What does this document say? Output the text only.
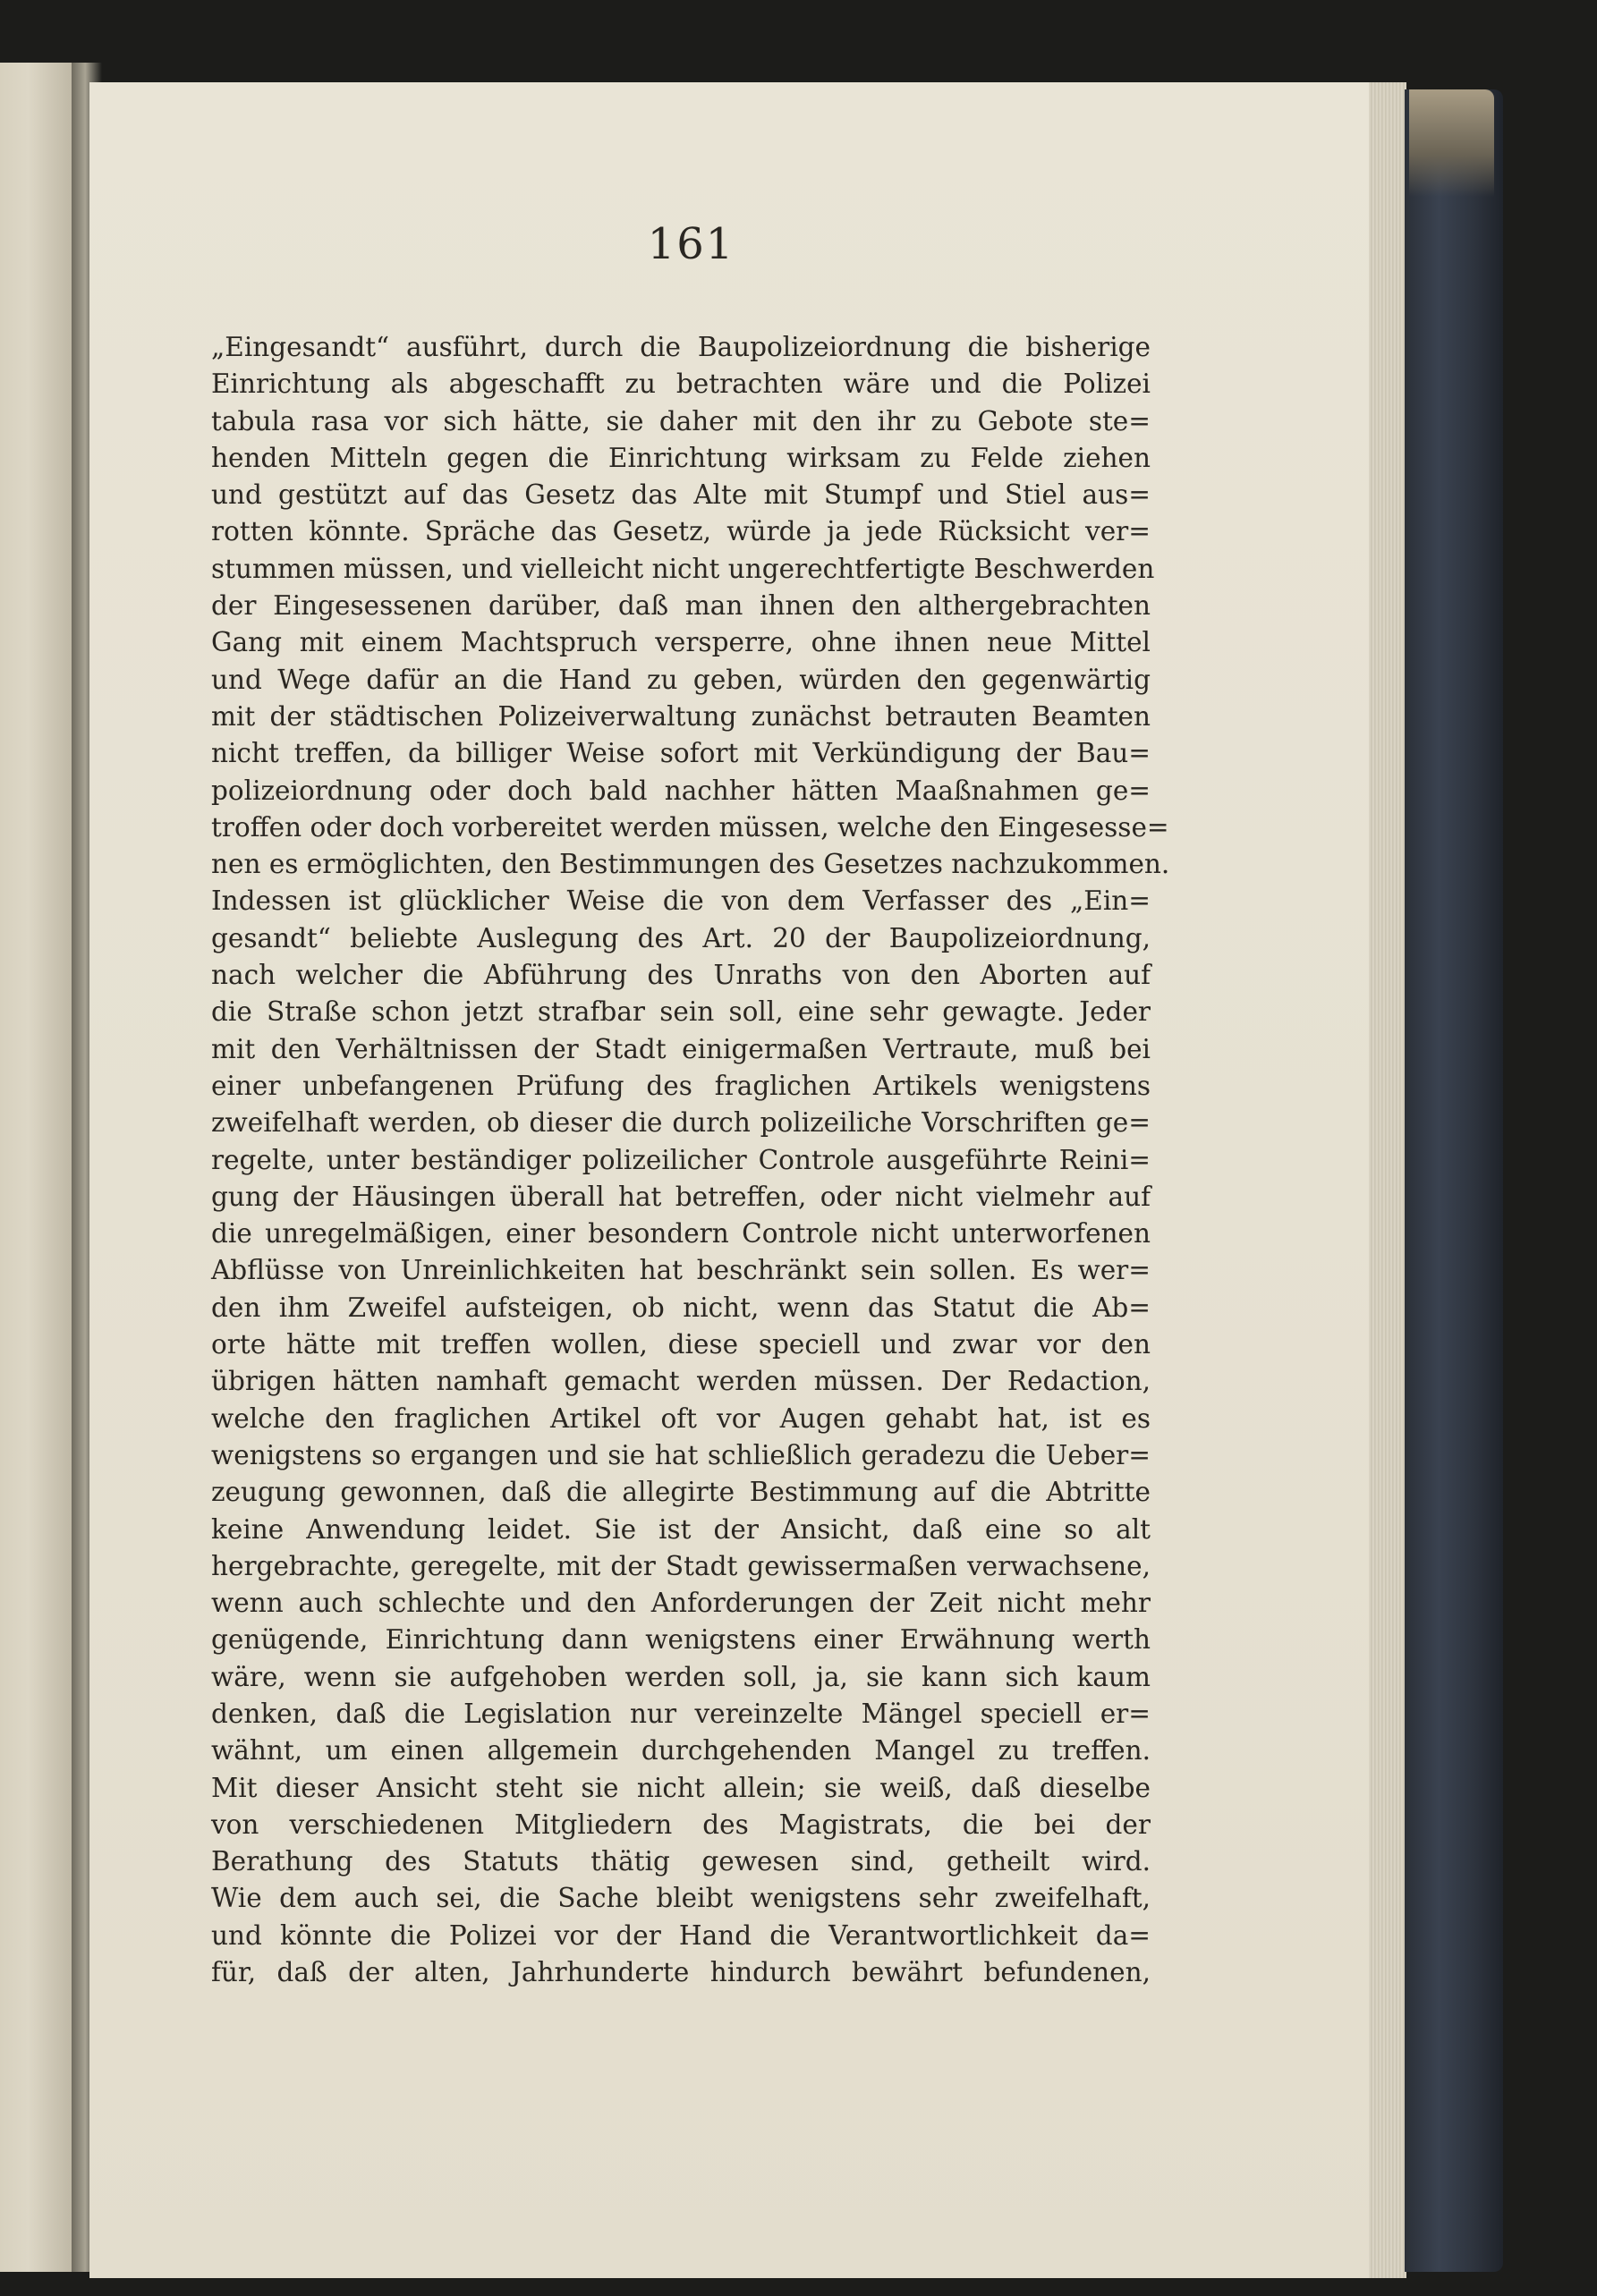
161
„Eingesandt“ ausführt, durch die Baupolizeiordnung die bisherige
Einrichtung als abgeschafft zu betrachten wäre und die Polizei
tabula rasa vor sich hätte, sie daher mit den ihr zu Gebote ste=
henden Mitteln gegen die Einrichtung wirksam zu Felde ziehen
und gestützt auf das Gesetz das Alte mit Stumpf und Stiel aus=
rotten könnte. Spräche das Gesetz, würde ja jede Rücksicht ver=
stummen müssen, und vielleicht nicht ungerechtfertigte Beschwerden
der Eingesessenen darüber, daß man ihnen den althergebrachten
Gang mit einem Machtspruch versperre, ohne ihnen neue Mittel
und Wege dafür an die Hand zu geben, würden den gegenwärtig
mit der städtischen Polizeiverwaltung zunächst betrauten Beamten
nicht treffen, da billiger Weise sofort mit Verkündigung der Bau=
polizeiordnung oder doch bald nachher hätten Maaßnahmen ge=
troffen oder doch vorbereitet werden müssen, welche den Eingesesse=
nen es ermöglichten, den Bestimmungen des Gesetzes nachzukommen.
Indessen ist glücklicher Weise die von dem Verfasser des „Ein=
gesandt“ beliebte Auslegung des Art. 20 der Baupolizeiordnung,
nach welcher die Abführung des Unraths von den Aborten auf
die Straße schon jetzt strafbar sein soll, eine sehr gewagte. Jeder
mit den Verhältnissen der Stadt einigermaßen Vertraute, muß bei
einer unbefangenen Prüfung des fraglichen Artikels wenigstens
zweifelhaft werden, ob dieser die durch polizeiliche Vorschriften ge=
regelte, unter beständiger polizeilicher Controle ausgeführte Reini=
gung der Häusingen überall hat betreffen, oder nicht vielmehr auf
die unregelmäßigen, einer besondern Controle nicht unterworfenen
Abflüsse von Unreinlichkeiten hat beschränkt sein sollen. Es wer=
den ihm Zweifel aufsteigen, ob nicht, wenn das Statut die Ab=
orte hätte mit treffen wollen, diese speciell und zwar vor den
übrigen hätten namhaft gemacht werden müssen. Der Redaction,
welche den fraglichen Artikel oft vor Augen gehabt hat, ist es
wenigstens so ergangen und sie hat schließlich geradezu die Ueber=
zeugung gewonnen, daß die allegirte Bestimmung auf die Abtritte
keine Anwendung leidet. Sie ist der Ansicht, daß eine so alt
hergebrachte, geregelte, mit der Stadt gewissermaßen verwachsene,
wenn auch schlechte und den Anforderungen der Zeit nicht mehr
genügende, Einrichtung dann wenigstens einer Erwähnung werth
wäre, wenn sie aufgehoben werden soll, ja, sie kann sich kaum
denken, daß die Legislation nur vereinzelte Mängel speciell er=
wähnt, um einen allgemein durchgehenden Mangel zu treffen.
Mit dieser Ansicht steht sie nicht allein; sie weiß, daß dieselbe
von verschiedenen Mitgliedern des Magistrats, die bei der
Berathung des Statuts thätig gewesen sind, getheilt wird.
Wie dem auch sei, die Sache bleibt wenigstens sehr zweifelhaft,
und könnte die Polizei vor der Hand die Verantwortlichkeit da=
für, daß der alten, Jahrhunderte hindurch bewährt befundenen,
